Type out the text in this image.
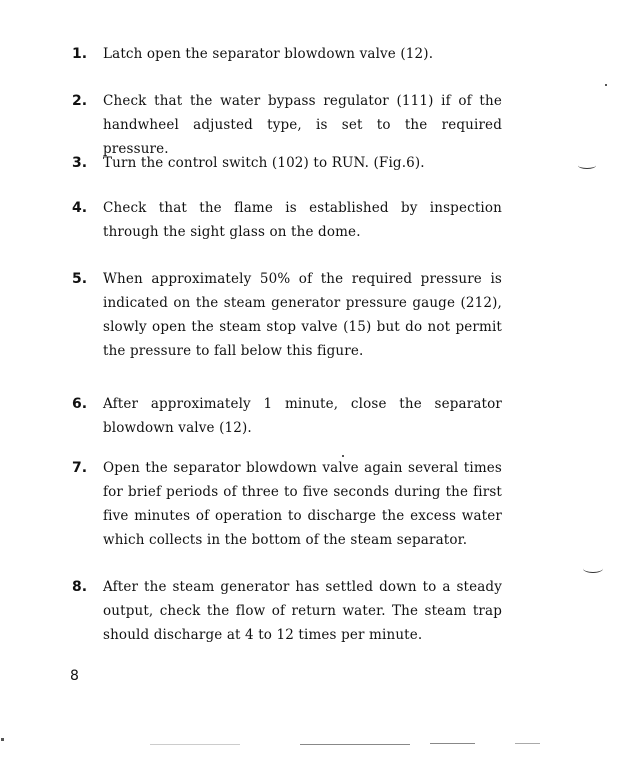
1.	Latch open the separator blowdown valve (12).
2.	Check that the water bypass regulator (111) if of the handwheel adjusted type, is set to the required pressure.
3.	Turn the control switch (102) to RUN. (Fig.6).
4.	Check that the flame is established by inspection through the sight glass on the dome.
5.	When approximately 50% of the required pressure is indicated on the steam generator pressure gauge (212), slowly open the steam stop valve (15) but do not permit the pressure to fall below this figure.
6.	After approximately 1 minute, close the separator blowdown valve (12).
7.	Open the separator blowdown valve again several times for brief periods of three to five seconds during the first five minutes of operation to discharge the excess water which collects in the bottom of the steam separator.
8.	After the steam generator has settled down to a steady output, check the flow of return water. The steam trap should discharge at 4 to 12 times per minute.
8
